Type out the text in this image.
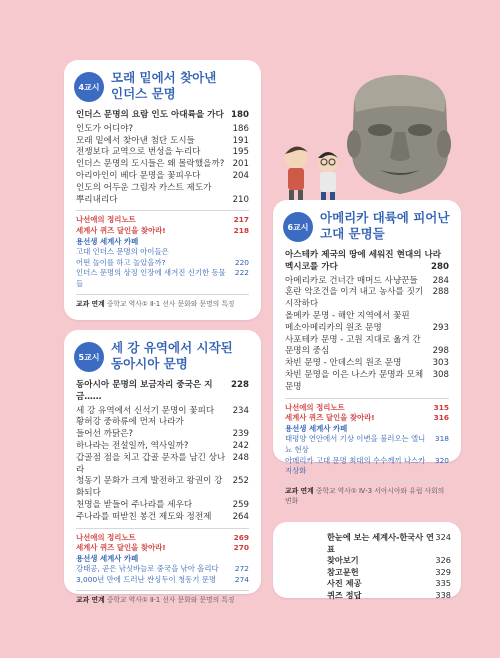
4교시
모래 밑에서 찾아낸
인더스 문명
인더스 문명의 요람 인도 아대륙을 가다 180
인도가 어디야?	186
모래 밑에서 찾아낸 첨단 도시들	191
전쟁보다 교역으로 번성을 누리다	195
인더스 문명의 도시들은 왜 몰락했을까? 201
아리아인이 베다 문명을 꽃피우다	204
인도의 어두운 그림자 카스트 제도가
뿌리내리다	210
나선애의 정리노트	217
세계사 퀴즈 달인을 찾아라!	218
용선생 세계사 카페
고대 인더스 문명의 아이들은
어떤 놀이를 하고 놀았을까?	220
인더스 문명의 상징 인장에 새겨진 신기한 동물들
222
교과 연계 중학교 역사① Ⅱ-1 선사 문화와 문명의 특징
5교시
세 강 유역에서 시작된
동아시아 문명
동아시아 문명의 보금자리 중국은 지금……
228
세 강 유역에서 신석기 문명이 꽃피다 234
황허강 중하류에 먼저 나라가
들어선 까닭은?	239
하나라는 전설일까, 역사일까?	242
갑골점 점을 치고 갑골 문자를 남긴 상나라
248
청동기 문화가 크게 발전하고 왕권이 강화되다
252
천명을 받들어 주나라를 세우다	259
주나라를 떠받친 봉건 제도와 정전제 264
나선애의 정리노트	269
세계사 퀴즈 달인을 찾아라!	270
용선생 세계사 카페
강태공, 곧은 낚싯바늘로 중국을 낚아 올리다 272
3,000년 만에 드러난 싼싱두이 청동기 문명	274
교과 연계 중학교 역사① Ⅱ-1 선사 문화와 문명의 특징
6교시
아메리카 대륙에 피어난
고대 문명들
아스테카 제국의 땅에 세워진 현대의 나라
멕시코를 가다	280
아메리카로 건너간 매머드 사냥꾼들 284
혼란 악조건을 이겨 내고 농사를 짓기 시작하다
288
올메카 문명 - 해안 지역에서 꽃핀
메소아메리카의 원조 문명	293
사포테카 문명 - 고원 지대로 옮겨 간
문명의 중심	298
차빈 문명 - 안데스의 원조 문명	303
차빈 문명을 이은 나스카 문명과 모체 문명
308
나선애의 정리노트	315
세계사 퀴즈 달인을 찾아라!	316
용선생 세계사 카페
태평양 연안에서 기상 이변을 불러오는 엘니뇨 현상
318
아메리카 고대 문명 최대의 수수께끼 나스카 지상화
320
교과 연계 중학교 역사① Ⅳ-3 서아시아와 유럽 사회의 변화
한눈에 보는 세계사-한국사 연표
324
찾아보기	326
참고문헌	329
사진 제공	335
퀴즈 정답	338
